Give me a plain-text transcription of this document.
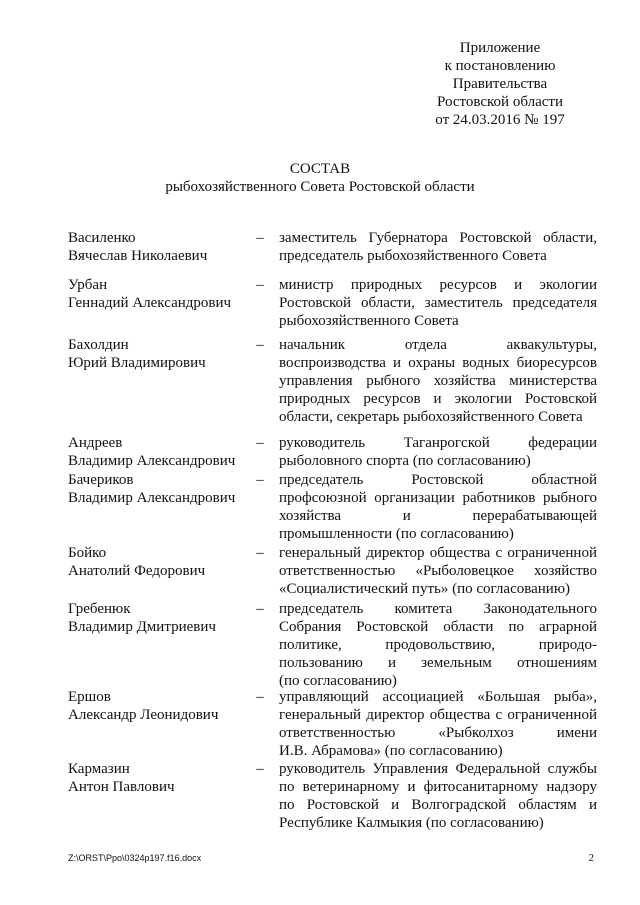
Приложение
к постановлению
Правительства
Ростовской области
от 24.03.2016 № 197
СОСТАВ
рыбохозяйственного Совета Ростовской области
Василенко
Вячеслав Николаевич
– заместитель Губернатора Ростовской области,
председатель рыбохозяйственного Совета
Урбан
Геннадий Александрович
– министр природных ресурсов и экологии
Ростовской области, заместитель председателя
рыбохозяйственного Совета
Бахолдин
Юрий Владимирович
– начальник отдела аквакультуры,
воспроизводства и охраны водных биоресурсов
управления рыбного хозяйства министерства
природных ресурсов и экологии Ростовской
области, секретарь рыбохозяйственного Совета
Андреев
Владимир Александрович
– руководитель Таганрогской федерации
рыболовного спорта (по согласованию)
Бачериков
Владимир Александрович
– председатель Ростовской областной
профсоюзной организации работников рыбного
хозяйства и перерабатывающей
промышленности (по согласованию)
Бойко
Анатолий Федорович
– генеральный директор общества с ограниченной
ответственностью «Рыболовецкое хозяйство
«Социалистический путь» (по согласованию)
Гребенюк
Владимир Дмитриевич
– председатель комитета Законодательного
Собрания Ростовской области по аграрной
политике, продовольствию, природо-
пользованию и земельным отношениям
(по согласованию)
Ершов
Александр Леонидович
– управляющий ассоциацией «Большая рыба»,
генеральный директор общества с ограниченной
ответственностью «Рыбколхоз имени
И.В. Абрамова» (по согласованию)
Кармазин
Антон Павлович
– руководитель Управления Федеральной службы
по ветеринарному и фитосанитарному надзору
по Ростовской и Волгоградской областям и
Республике Калмыкия (по согласованию)
Z:\ORST\Ppo\0324p197.f16.docx	2
